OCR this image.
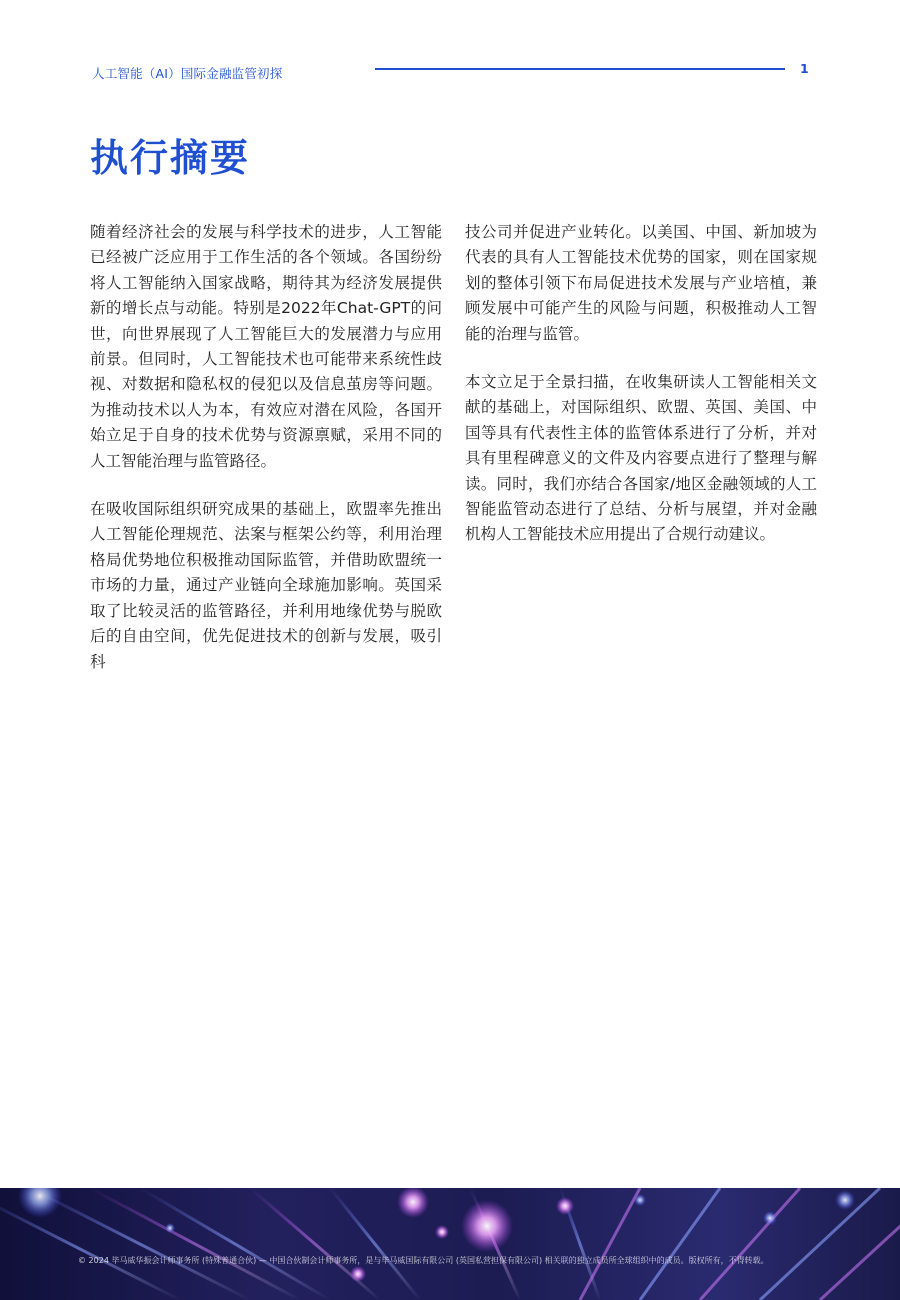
人工智能（AI）国际金融监管初探	1
执行摘要

随着经济社会的发展与科学技术的进步，人工智能已经被广泛应用于工作生活的各个领域。各国纷纷将人工智能纳入国家战略，期待其为经济发展提供新的增长点与动能。特别是2022年Chat-GPT的问世，向世界展现了人工智能巨大的发展潜力与应用前景。但同时，人工智能技术也可能带来系统性歧视、对数据和隐私权的侵犯以及信息茧房等问题。为推动技术以人为本，有效应对潜在风险，各国开始立足于自身的技术优势与资源禀赋，采用不同的人工智能治理与监管路径。

在吸收国际组织研究成果的基础上，欧盟率先推出人工智能伦理规范、法案与框架公约等，利用治理格局优势地位积极推动国际监管，并借助欧盟统一市场的力量，通过产业链向全球施加影响。英国采取了比较灵活的监管路径，并利用地缘优势与脱欧后的自由空间，优先促进技术的创新与发展，吸引科

技公司并促进产业转化。以美国、中国、新加坡为代表的具有人工智能技术优势的国家，则在国家规划的整体引领下布局促进技术发展与产业培植，兼顾发展中可能产生的风险与问题，积极推动人工智能的治理与监管。

本文立足于全景扫描，在收集研读人工智能相关文献的基础上，对国际组织、欧盟、英国、美国、中国等具有代表性主体的监管体系进行了分析，并对具有里程碑意义的文件及内容要点进行了整理与解读。同时，我们亦结合各国家/地区金融领域的人工智能监管动态进行了总结、分析与展望，并对金融机构人工智能技术应用提出了合规行动建议。

© 2024 毕马威华振会计师事务所 (特殊普通合伙) — 中国合伙制会计师事务所，是与毕马威国际有限公司 (英国私营担保有限公司) 相关联的独立成员所全球组织中的成员。版权所有，不得转载。
